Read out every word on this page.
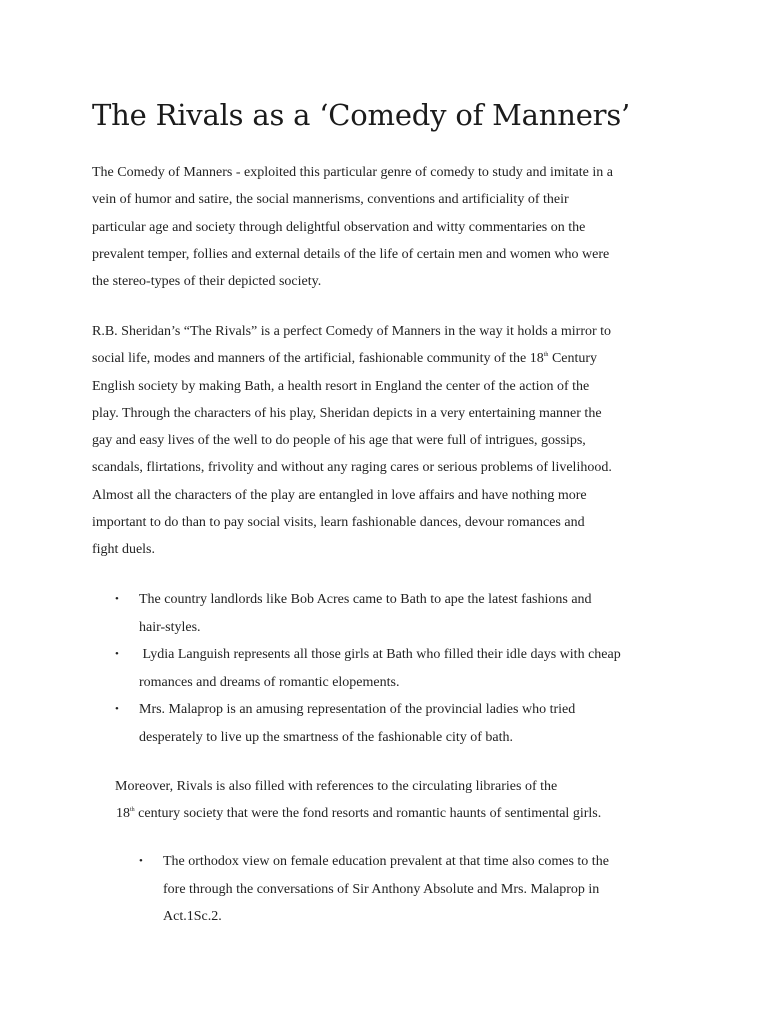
The Rivals as a ‘Comedy of Manners’
The Comedy of Manners - exploited this particular genre of comedy to study and imitate in a
vein of humor and satire, the social mannerisms, conventions and artificiality of their
particular age and society through delightful observation and witty commentaries on the
prevalent temper, follies and external details of the life of certain men and women who were
the stereo-types of their depicted society.
R.B. Sheridan’s “The Rivals” is a perfect Comedy of Manners in the way it holds a mirror to
social life, modes and manners of the artificial, fashionable community of the 18th Century
English society by making Bath, a health resort in England the center of the action of the
play. Through the characters of his play, Sheridan depicts in a very entertaining manner the
gay and easy lives of the well to do people of his age that were full of intrigues, gossips,
scandals, flirtations, frivolity and without any raging cares or serious problems of livelihood.
Almost all the characters of the play are entangled in love affairs and have nothing more
important to do than to pay social visits, learn fashionable dances, devour romances and
fight duels.
• The country landlords like Bob Acres came to Bath to ape the latest fashions and
hair-styles.
• Lydia Languish represents all those girls at Bath who filled their idle days with cheap
romances and dreams of romantic elopements.
• Mrs. Malaprop is an amusing representation of the provincial ladies who tried
desperately to live up the smartness of the fashionable city of bath.
Moreover, Rivals is also filled with references to the circulating libraries of the
18th century society that were the fond resorts and romantic haunts of sentimental girls.
• The orthodox view on female education prevalent at that time also comes to the
fore through the conversations of Sir Anthony Absolute and Mrs. Malaprop in
Act.1Sc.2.
